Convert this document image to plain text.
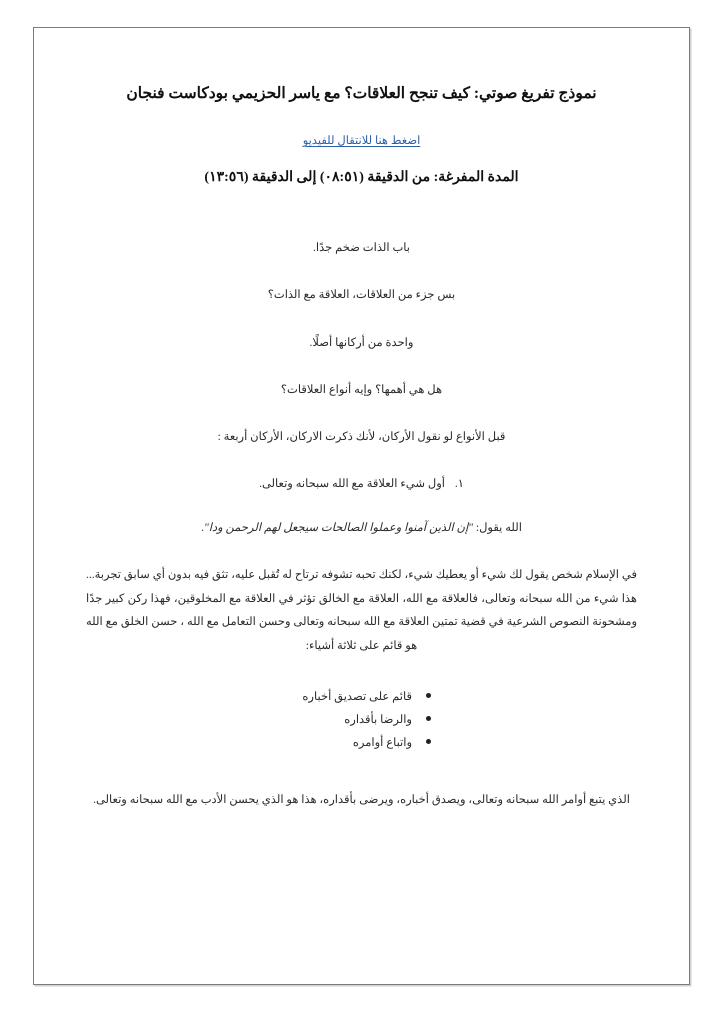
نموذج تفريغ صوتي: كيف تنجح العلاقات؟ مع ياسر الحزيمي بودكاست فنجان
اضغط هنا للانتقال للفيديو
المدة المفرغة: من الدقيقة (٠٨:٥١) إلى الدقيقة (١٣:٥٦)

باب الذات ضخم جدًا.

بس جزء من العلاقات، العلاقة مع الذات؟

واحدة من أركانها أصلًا.

هل هي أهمها؟ وإيه أنواع العلاقات؟

قبل الأنواع لو نقول الأركان، لأنك ذكرت الاركان، الأركان أربعة :

١. أول شيء العلاقة مع الله سبحانه وتعالى.

الله يقول: "إن الذين آمنوا وعملوا الصالحات سيجعل لهم الرحمن ودا".

في الإسلام شخص يقول لك شيء أو يعطيك شيء، لكنك تحبه تشوفه ترتاح له تُقبل عليه، تثق فيه بدون أي سابق تجربة... هذا شيء من الله سبحانه وتعالى، فالعلاقة مع الله، العلاقة مع الخالق تؤثر في العلاقة مع المخلوقين، فهذا ركن كبير جدًا ومشحونة النصوص الشرعية في قضية تمتين العلاقة مع الله سبحانه وتعالى وحسن التعامل مع الله ، حسن الخلق مع الله هو قائم على ثلاثة أشياء:

قائم على تصديق أخباره
والرضا بأقداره
واتباع أوامره

الذي يتبع أوامر الله سبحانه وتعالى، ويصدق أخباره، ويرضى بأقداره، هذا هو الذي يحسن الأدب مع الله سبحانه وتعالى.
